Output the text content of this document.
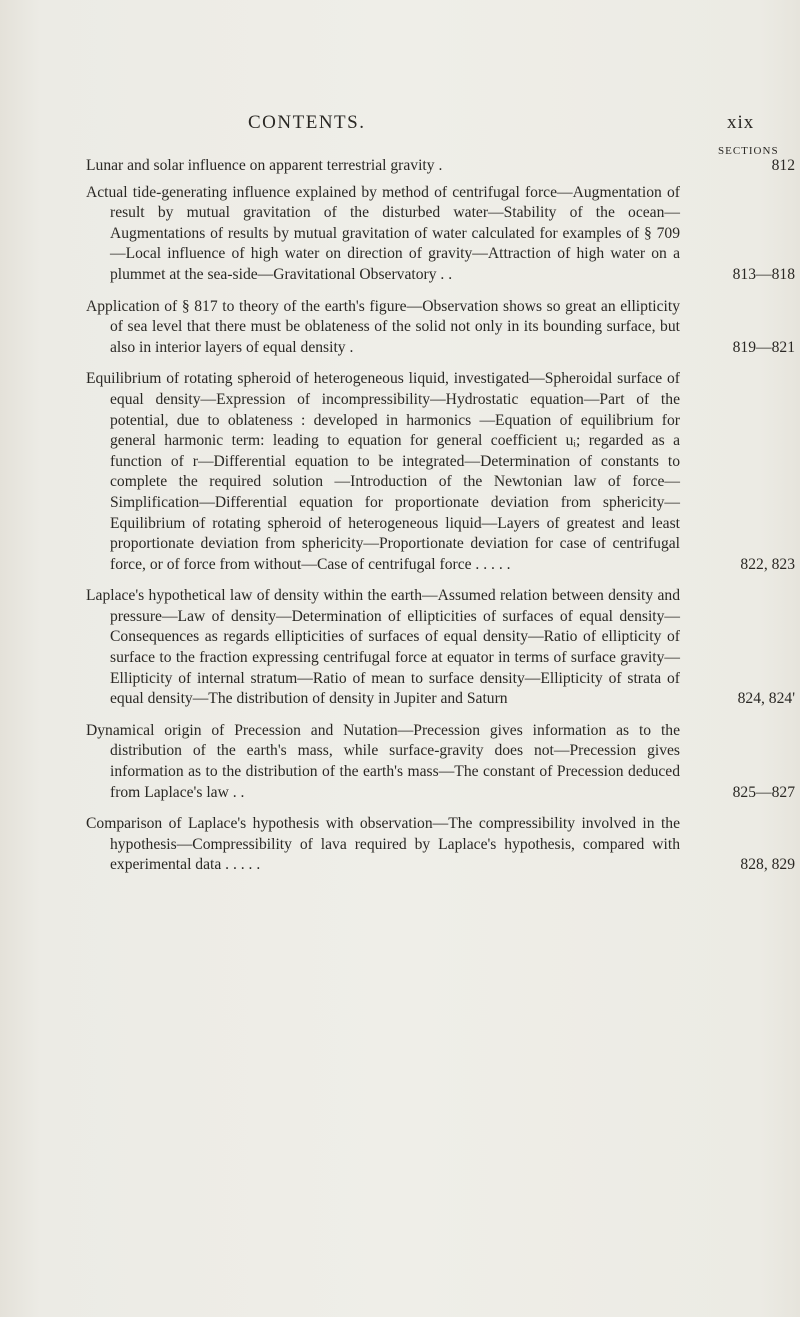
CONTENTS.	xix
SECTIONS
Lunar and solar influence on apparent terrestrial gravity .	812
Actual tide-generating influence explained by method of centrifugal force—Augmentation of result by mutual gravitation of the disturbed water—Stability of the ocean—Augmentations of results by mutual gravitation of water calculated for examples of § 709—Local influence of high water on direction of gravity—Attraction of high water on a plummet at the sea-side—Gravitational Observatory . .	813—818
Application of § 817 to theory of the earth's figure—Observation shows so great an ellipticity of sea level that there must be oblateness of the solid not only in its bounding surface, but also in interior layers of equal density .	819—821
Equilibrium of rotating spheroid of heterogeneous liquid, investigated—Spheroidal surface of equal density—Expression of incompressibility—Hydrostatic equation—Part of the potential, due to oblateness : developed in harmonics —Equation of equilibrium for general harmonic term: leading to equation for general coefficient uᵢ; regarded as a function of r—Differential equation to be integrated—Determination of constants to complete the required solution —Introduction of the Newtonian law of force—Simplification—Differential equation for proportionate deviation from sphericity—Equilibrium of rotating spheroid of heterogeneous liquid—Layers of greatest and least proportionate deviation from sphericity—Proportionate deviation for case of centrifugal force, or of force from without—Case of centrifugal force . . . . .	822, 823
Laplace's hypothetical law of density within the earth—Assumed relation between density and pressure—Law of density—Determination of ellipticities of surfaces of equal density—Consequences as regards ellipticities of surfaces of equal density—Ratio of ellipticity of surface to the fraction expressing centrifugal force at equator in terms of surface gravity—Ellipticity of internal stratum—Ratio of mean to surface density—Ellipticity of strata of equal density—The distribution of density in Jupiter and Saturn	824, 824'
Dynamical origin of Precession and Nutation—Precession gives information as to the distribution of the earth's mass, while surface-gravity does not—Precession gives information as to the distribution of the earth's mass—The constant of Precession deduced from Laplace's law . .	825—827
Comparison of Laplace's hypothesis with observation—The compressibility involved in the hypothesis—Compressibility of lava required by Laplace's hypothesis, compared with experimental data . . . . .	828, 829
